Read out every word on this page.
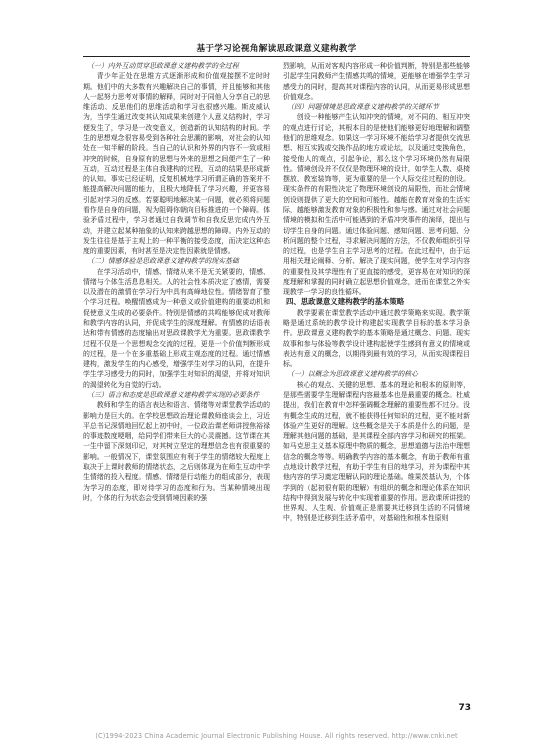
基于学习论视角解读思政课意义建构教学
（一）内外互动贯穿思政课意义建构教学的全过程

青少年正处在思维方式逐渐形成和价值观接摆不定时时期。他们中的大多数有兴趣解决自己的事情，并且能够和其他人一起努力思考对事情的解释，同时对于同他人分享自己的思维活动、反思他们的思维活动和学习也很感兴趣。斯皮威认为，当学生通过改变其认知成果来创建个人意义结构时，学习便发生了，学习是一改变意义，创造新的认知结构的时间。学生的思想观念很容易受到各种社会思潮的影响，对社会的认知处在一知半解的阶段。当自己的认识和外界的内容不一致或相冲突的时候，自身原有的思想与外来的思想之间便产生了一种互动，互动过程是主体自我建构的过程，互动的结果是形成新的认知。事实已经证明，反复机械地学习所谓正确的答案并不能提高解决问题的能力，且极大地降低了学习兴趣，并更容易引起对学习的反感。若要聪明地解决某一问题，就必须将问题看作是自身的问题，视为阻碍你朝向目标推进的一个障碍。体验矛盾过程中，学习者通过自我调节和自我反思完成内外互动，并建立起某种抽象的认知来跨越思想的障碍。内外互动的发生往往是基于主观上的一种平衡的接受态度，而决定这种态度的重要因素，有时甚至是决定性因素就是情感。

（二）情感体验是思政课意义建构教学的现实基础

在学习活动中，情感、情绪从来不是无关紧要的，情感、情绪与个体生活息息相关。人的社会性本质决定了感情，需要以及潜在的激情在学习行为中具有高峰地位性。情绪智育了整个学习过程。唤醒情感成为一种意义或价值建构的重要动机和促使意义生成的必要条件。特别是情感的共鸣能够促成对教师和教学内容的认同，并促成学生的深度理解。有情感的话语表达和带有情感的态度输出对思政课教学尤为重要。思政课教学过程不仅是一个思想观念交流的过程，更是一个价值判断形成的过程，是一个在多重基础上形成主观态度的过程。通过情感建构，激发学生的内心感受，增强学生对学习的认同，在提升学生学习感受力的同时，加强学生对知识的渴望，并将对知识的渴望转化为自觉的行动。

（三）语言和态度是思政课意义建构教学实现的必要条件

教师和学生的语言表达和语言、情绪等对课堂教学活动的影响力是巨大的。在学校思想政治理论课教师座谈会上，习近平总书记深情地回忆起上初中时，一位政治课老师讲授焦裕禄的事迹数度哽咽，给同学们带来巨大的心灵震撼。这节课在其一生中留下深刻印记，对其树立坚定的理想信念也有很重要的影响。一般情况下，课堂氛围应有利于学生的情绪较大程度上取决于上课时教师的情绪状态，之后则体现为在师生互动中学生情绪的投入程度。情感、情绪是行动能力的组成部分，表现为学习的态度，即对待学习的态度和行为。当某种情境出现时，个体的行为状态会受到情境因素的强

烈影响，从而对客观内容形成一种价值判断，特别是那些能够引起学生同教师产生情感共鸣的情境，更能够在增强学生学习感受力的同时，提高其对课程内容的认同，从而更易形成思想价值观念。

（四）问题情境是思政课意义建构教学的关键环节

创设一种能够产生认知冲突的情境，对不同的、相互冲突的观点进行讨论，其根本目的是使他们能够更好地理解和调整他们的思维观念。如果这一学习环境不能给学习者提供交流思想、相互实践或交换作品的地方或论坛，以及通过变换角色，接受他人的观点，引起争论，那么这个学习环境仍然有局限性。情境创设并不仅仅是物理环境的设计，如学生人数、桌椅摆放、教室装饰等，更为重要的是一个人际交往过程的创设。现实条件的有限性决定了物理环境创设的局限性，而社会情境创设则提供了更大的空间和可能性。越能在教育对象的生活实际，越能够激发教育对象的积极性和参与感。通过对社会问题情境的模拟和生活中可能遇到的矛盾冲突事件的演绎，提出与切学生自身的问题。通过体验问题、感知问题、思考问题、分析问题的整个过程，寻求解决问题的方法，不仅教师组织引导的过程，也是学生自主学习思考的过程。在此过程中，由于运用相关理论阐释、分析、解决了现实问题，使学生对学习内容的重要性及其学理性有了更直接的感受，更容易在对知识的深度理解和掌握的同时确立起思想价值观念，进而在课堂之外实现教学一学习的良性循环。

四、思政课意义建构教学的基本策略

教学要素在课堂教学活动中通过教学策略来实现。教学策略是通过系统的教学设计构建起实现教学目标的基本学习条件。思政课意义建构教学的基本策略是通过概念、问题、现实故事和参与体验等教学设计建构起使学生感到有意义的情境或表达有意义的概念，以期得到最有效的学习，从而实现课程目标。

（一）以概念为思政课意义建构教学的核心

核心的观点、关键的思想、基本的理论和根本的原则等，是那些需要学生理解课程内容最基本也是最重要的概念。杜威提出，我们在教育中怎样强调概念理解的重要性都不过分。没有概念生成的过程，就不能获得任何知识的过程，更不能对新体验产生更好的理解。这些概念是关于本质是什么的问题，是理解其他问题的基础，是其课程全部内容学习和研究的框架。如马克思主义基本原理中物质的概念，思想道德与法治中理想信念的概念等等。明确教学内容的基本概念，有助于教师有重点地设计教学过程，有助于学生有目的地学习，并为课程中其他内容的学习奠定理解认同的理论基础。维果茨基认为，个体学到的（起初很有限的理解）有组织的概念和理论体系在知识结构中得到发展与转化中实现着重要的作用。思政课所讲授的世界观、人生观、价值观正是需要其迁移到生活的不同情境中，特别是迁移到生活矛盾中，对基础性和根本性原则

73
(C)1994-2023 China Academic Journal Electronic Publishing House. All rights reserved. http://www.cnki.net
